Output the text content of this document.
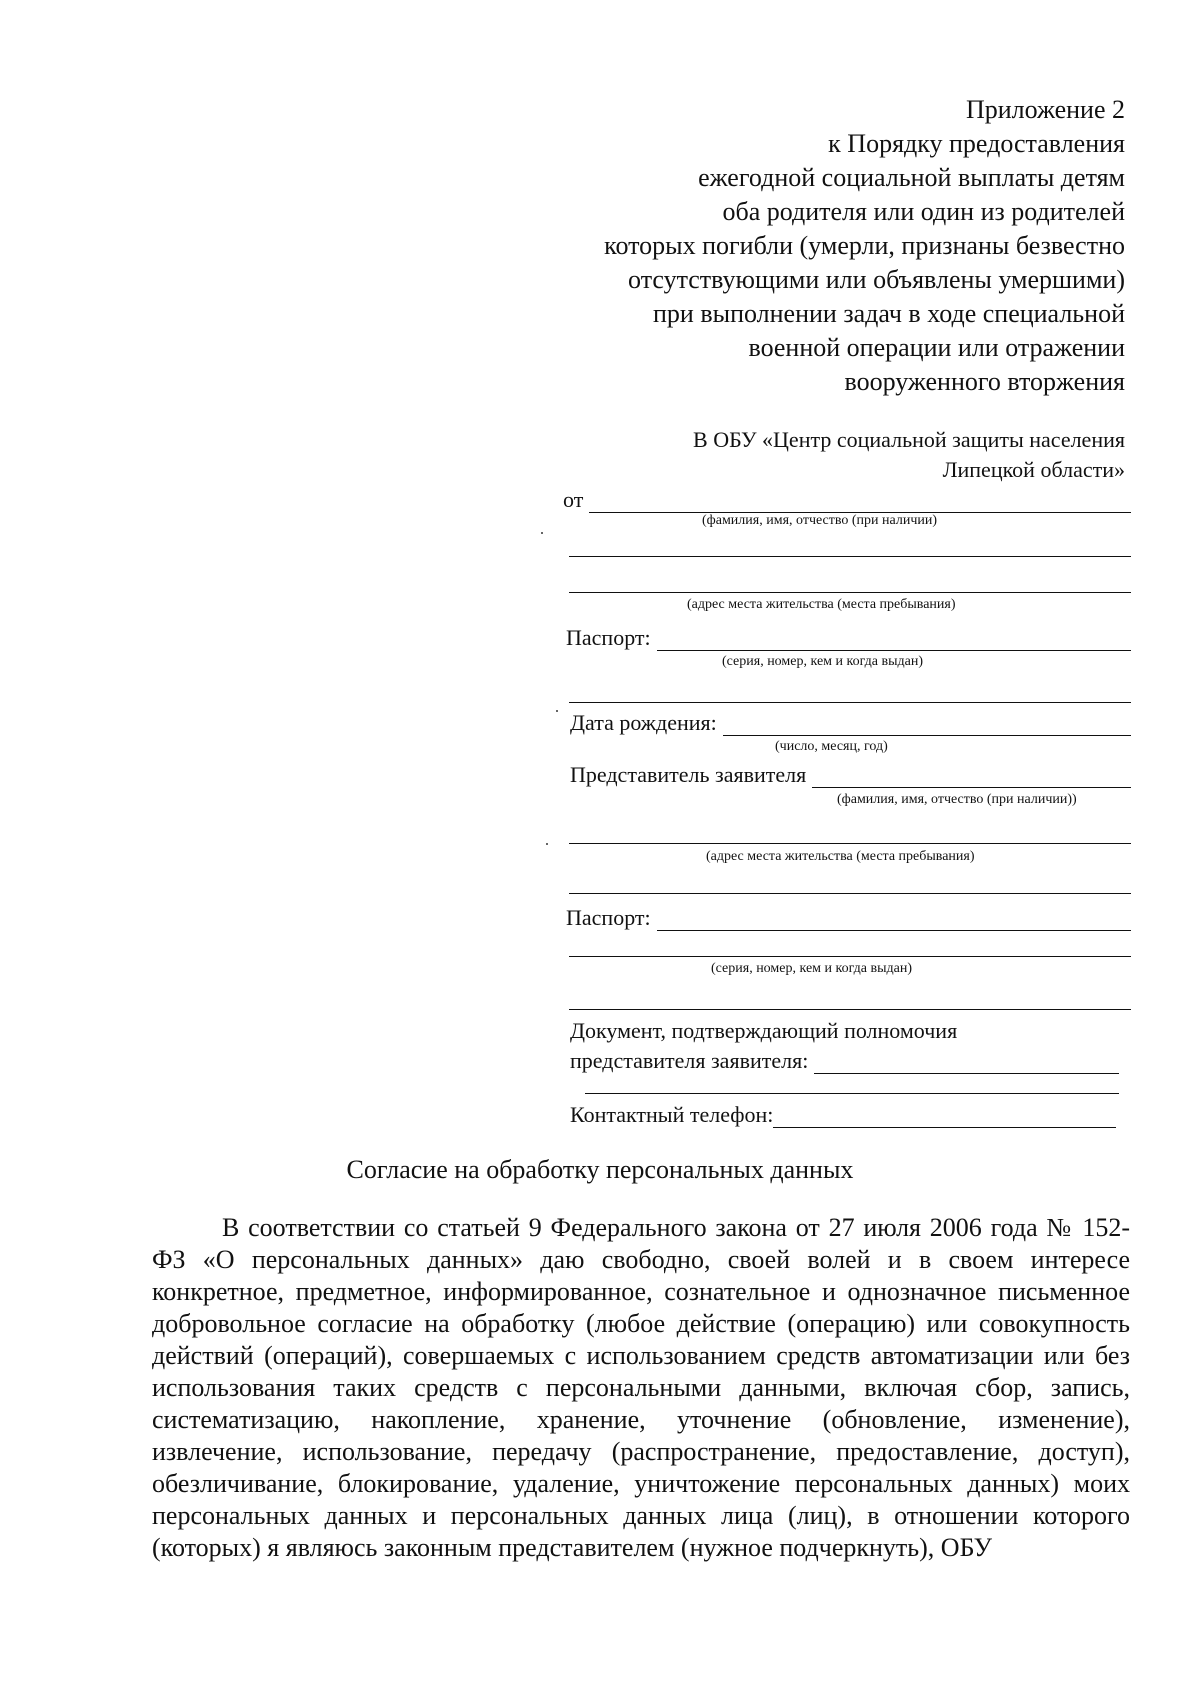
Приложение 2
к Порядку предоставления
ежегодной социальной выплаты детям
оба родителя или один из родителей
которых погибли (умерли, признаны безвестно
отсутствующими или объявлены умершими)
при выполнении задач в ходе специальной
военной операции или отражении
вооруженного вторжения
В ОБУ «Центр социальной защиты населения
Липецкой области»
от
(фамилия, имя, отчество (при наличии)
(адрес места жительства (места пребывания)
Паспорт:
(серия, номер, кем и когда выдан)
Дата рождения:
(число, месяц, год)
Представитель заявителя
(фамилия, имя, отчество (при наличии))
(адрес места жительства (места пребывания)
Паспорт:
(серия, номер, кем и когда выдан)
Документ, подтверждающий полномочия
представителя заявителя:
Контактный телефон:
Согласие на обработку персональных данных

В соответствии со статьей 9 Федерального закона от 27 июля 2006 года № 152-ФЗ «О персональных данных» даю свободно, своей волей и в своем интересе конкретное, предметное, информированное, сознательное и однозначное письменное добровольное согласие на обработку (любое действие (операцию) или совокупность действий (операций), совершаемых с использованием средств автоматизации или без использования таких средств с персональными данными, включая сбор, запись, систематизацию, накопление, хранение, уточнение (обновление, изменение), извлечение, использование, передачу (распространение, предоставление, доступ), обезличивание, блокирование, удаление, уничтожение персональных данных) моих персональных данных и персональных данных лица (лиц), в отношении которого (которых) я являюсь законным представителем (нужное подчеркнуть), ОБУ
